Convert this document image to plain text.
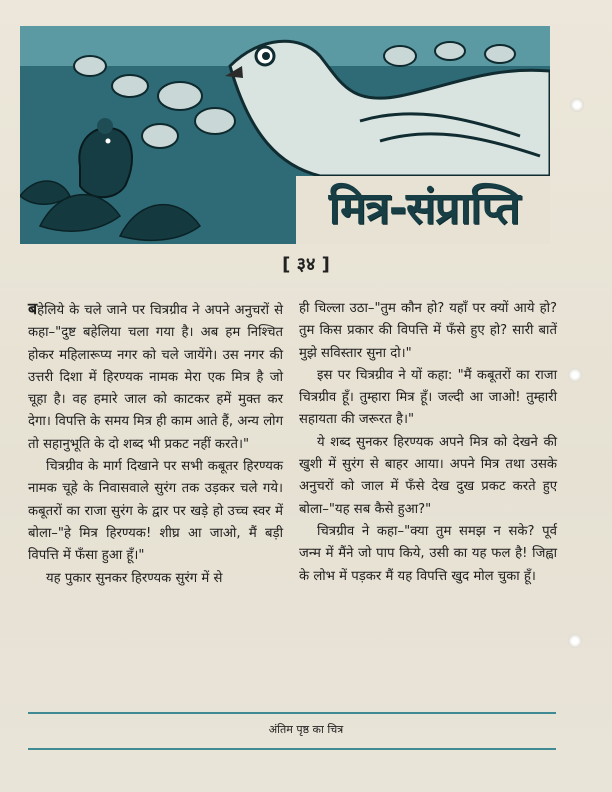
मित्र-संप्राप्ति
[ ३४ ]

बहेलिये के चले जाने पर चित्रग्रीव ने अपने अनुचरों से कहा–"दुष्ट बहेलिया चला गया है। अब हम निश्चित होकर महिलारूप्य नगर को चले जायेंगे। उस नगर की उत्तरी दिशा में हिरण्यक नामक मेरा एक मित्र है जो चूहा है। वह हमारे जाल को काटकर हमें मुक्त कर देगा। विपत्ति के समय मित्र ही काम आते हैं, अन्य लोग तो सहानुभूति के दो शब्द भी प्रकट नहीं करते।"

चित्रग्रीव के मार्ग दिखाने पर सभी कबूतर हिरण्यक नामक चूहे के निवासवाले सुरंग तक उड़कर चले गये। कबूतरों का राजा सुरंग के द्वार पर खड़े हो उच्च स्वर में बोला–"हे मित्र हिरण्यक! शीघ्र आ जाओ, मैं बड़ी विपत्ति में फँसा हुआ हूँ।"

यह पुकार सुनकर हिरण्यक सुरंग में से

ही चिल्ला उठा–"तुम कौन हो? यहाँ पर क्यों आये हो? तुम किस प्रकार की विपत्ति में फँसे हुए हो? सारी बातें मुझे सविस्तार सुना दो।"

इस पर चित्रग्रीव ने यों कहा: "मैं कबूतरों का राजा चित्रग्रीव हूँ। तुम्हारा मित्र हूँ। जल्दी आ जाओ! तुम्हारी सहायता की जरूरत है।"

ये शब्द सुनकर हिरण्यक अपने मित्र को देखने की खुशी में सुरंग से बाहर आया। अपने मित्र तथा उसके अनुचरों को जाल में फँसे देख दुख प्रकट करते हुए बोला–"यह सब कैसे हुआ?"

चित्रग्रीव ने कहा–"क्या तुम समझ न सके? पूर्व जन्म में मैंने जो पाप किये, उसी का यह फल है! जिह्वा के लोभ में पड़कर मैं यह विपत्ति खुद मोल चुका हूँ।

अंतिम पृष्ठ का चित्र
